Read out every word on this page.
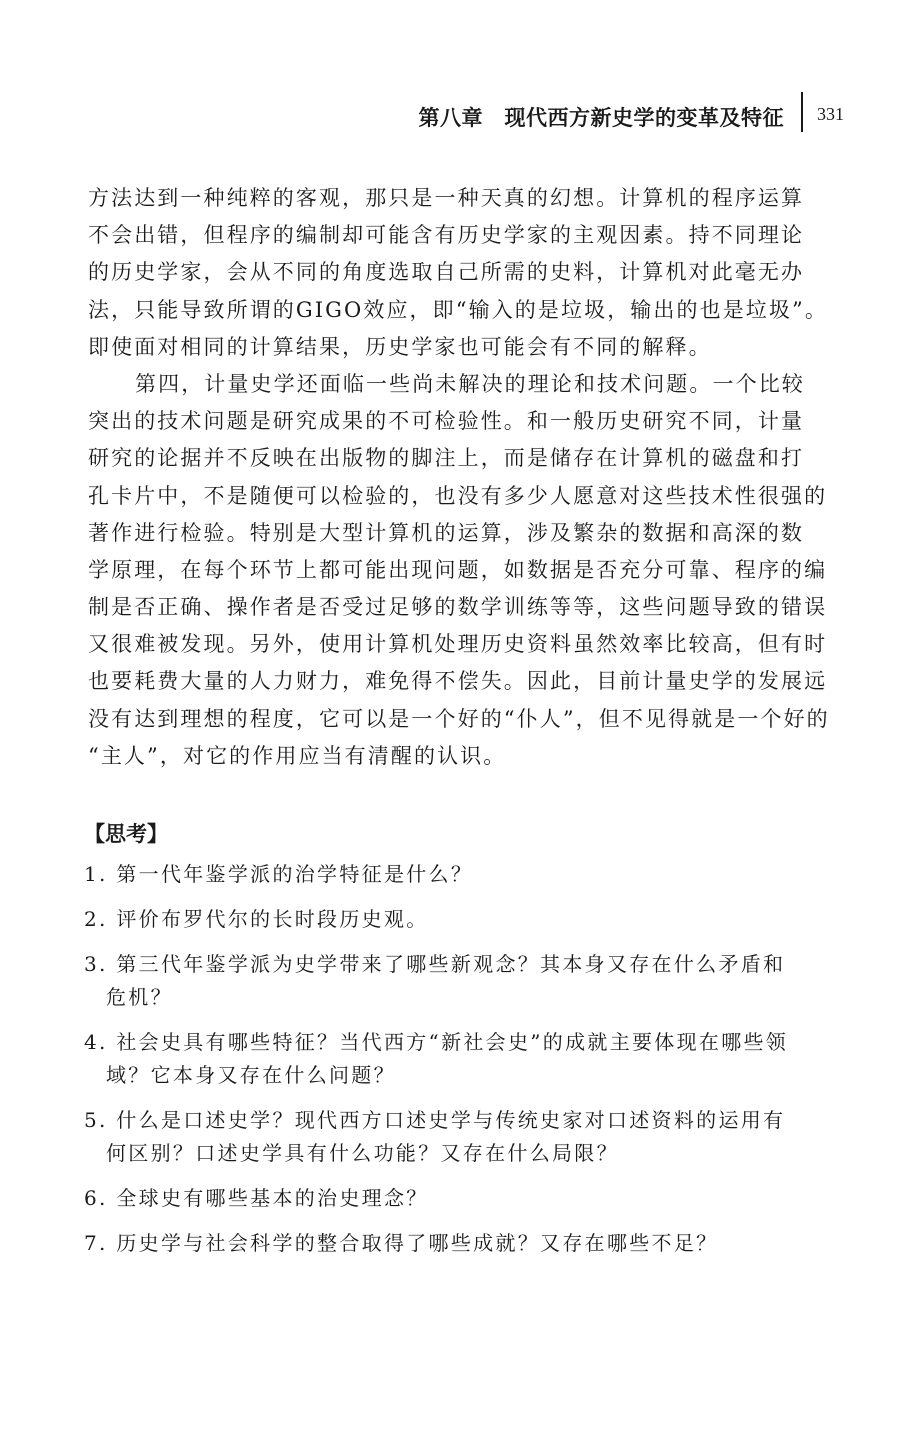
第八章　现代西方新史学的变革及特征 331
方法达到一种纯粹的客观，那只是一种天真的幻想。计算机的程序运算
不会出错，但程序的编制却可能含有历史学家的主观因素。持不同理论
的历史学家，会从不同的角度选取自己所需的史料，计算机对此毫无办
法，只能导致所谓的GIGO效应，即“输入的是垃圾，输出的也是垃圾”。
即使面对相同的计算结果，历史学家也可能会有不同的解释。
第四，计量史学还面临一些尚未解决的理论和技术问题。一个比较
突出的技术问题是研究成果的不可检验性。和一般历史研究不同，计量
研究的论据并不反映在出版物的脚注上，而是储存在计算机的磁盘和打
孔卡片中，不是随便可以检验的，也没有多少人愿意对这些技术性很强的
著作进行检验。特别是大型计算机的运算，涉及繁杂的数据和高深的数
学原理，在每个环节上都可能出现问题，如数据是否充分可靠、程序的编
制是否正确、操作者是否受过足够的数学训练等等，这些问题导致的错误
又很难被发现。另外，使用计算机处理历史资料虽然效率比较高，但有时
也要耗费大量的人力财力，难免得不偿失。因此，目前计量史学的发展远
没有达到理想的程度，它可以是一个好的“仆人”，但不见得就是一个好的
“主人”，对它的作用应当有清醒的认识。
【思考】
1. 第一代年鉴学派的治学特征是什么？
2. 评价布罗代尔的长时段历史观。
3. 第三代年鉴学派为史学带来了哪些新观念？其本身又存在什么矛盾和
危机？
4. 社会史具有哪些特征？当代西方“新社会史”的成就主要体现在哪些领
域？它本身又存在什么问题？
5. 什么是口述史学？现代西方口述史学与传统史家对口述资料的运用有
何区别？口述史学具有什么功能？又存在什么局限？
6. 全球史有哪些基本的治史理念？
7. 历史学与社会科学的整合取得了哪些成就？又存在哪些不足？
